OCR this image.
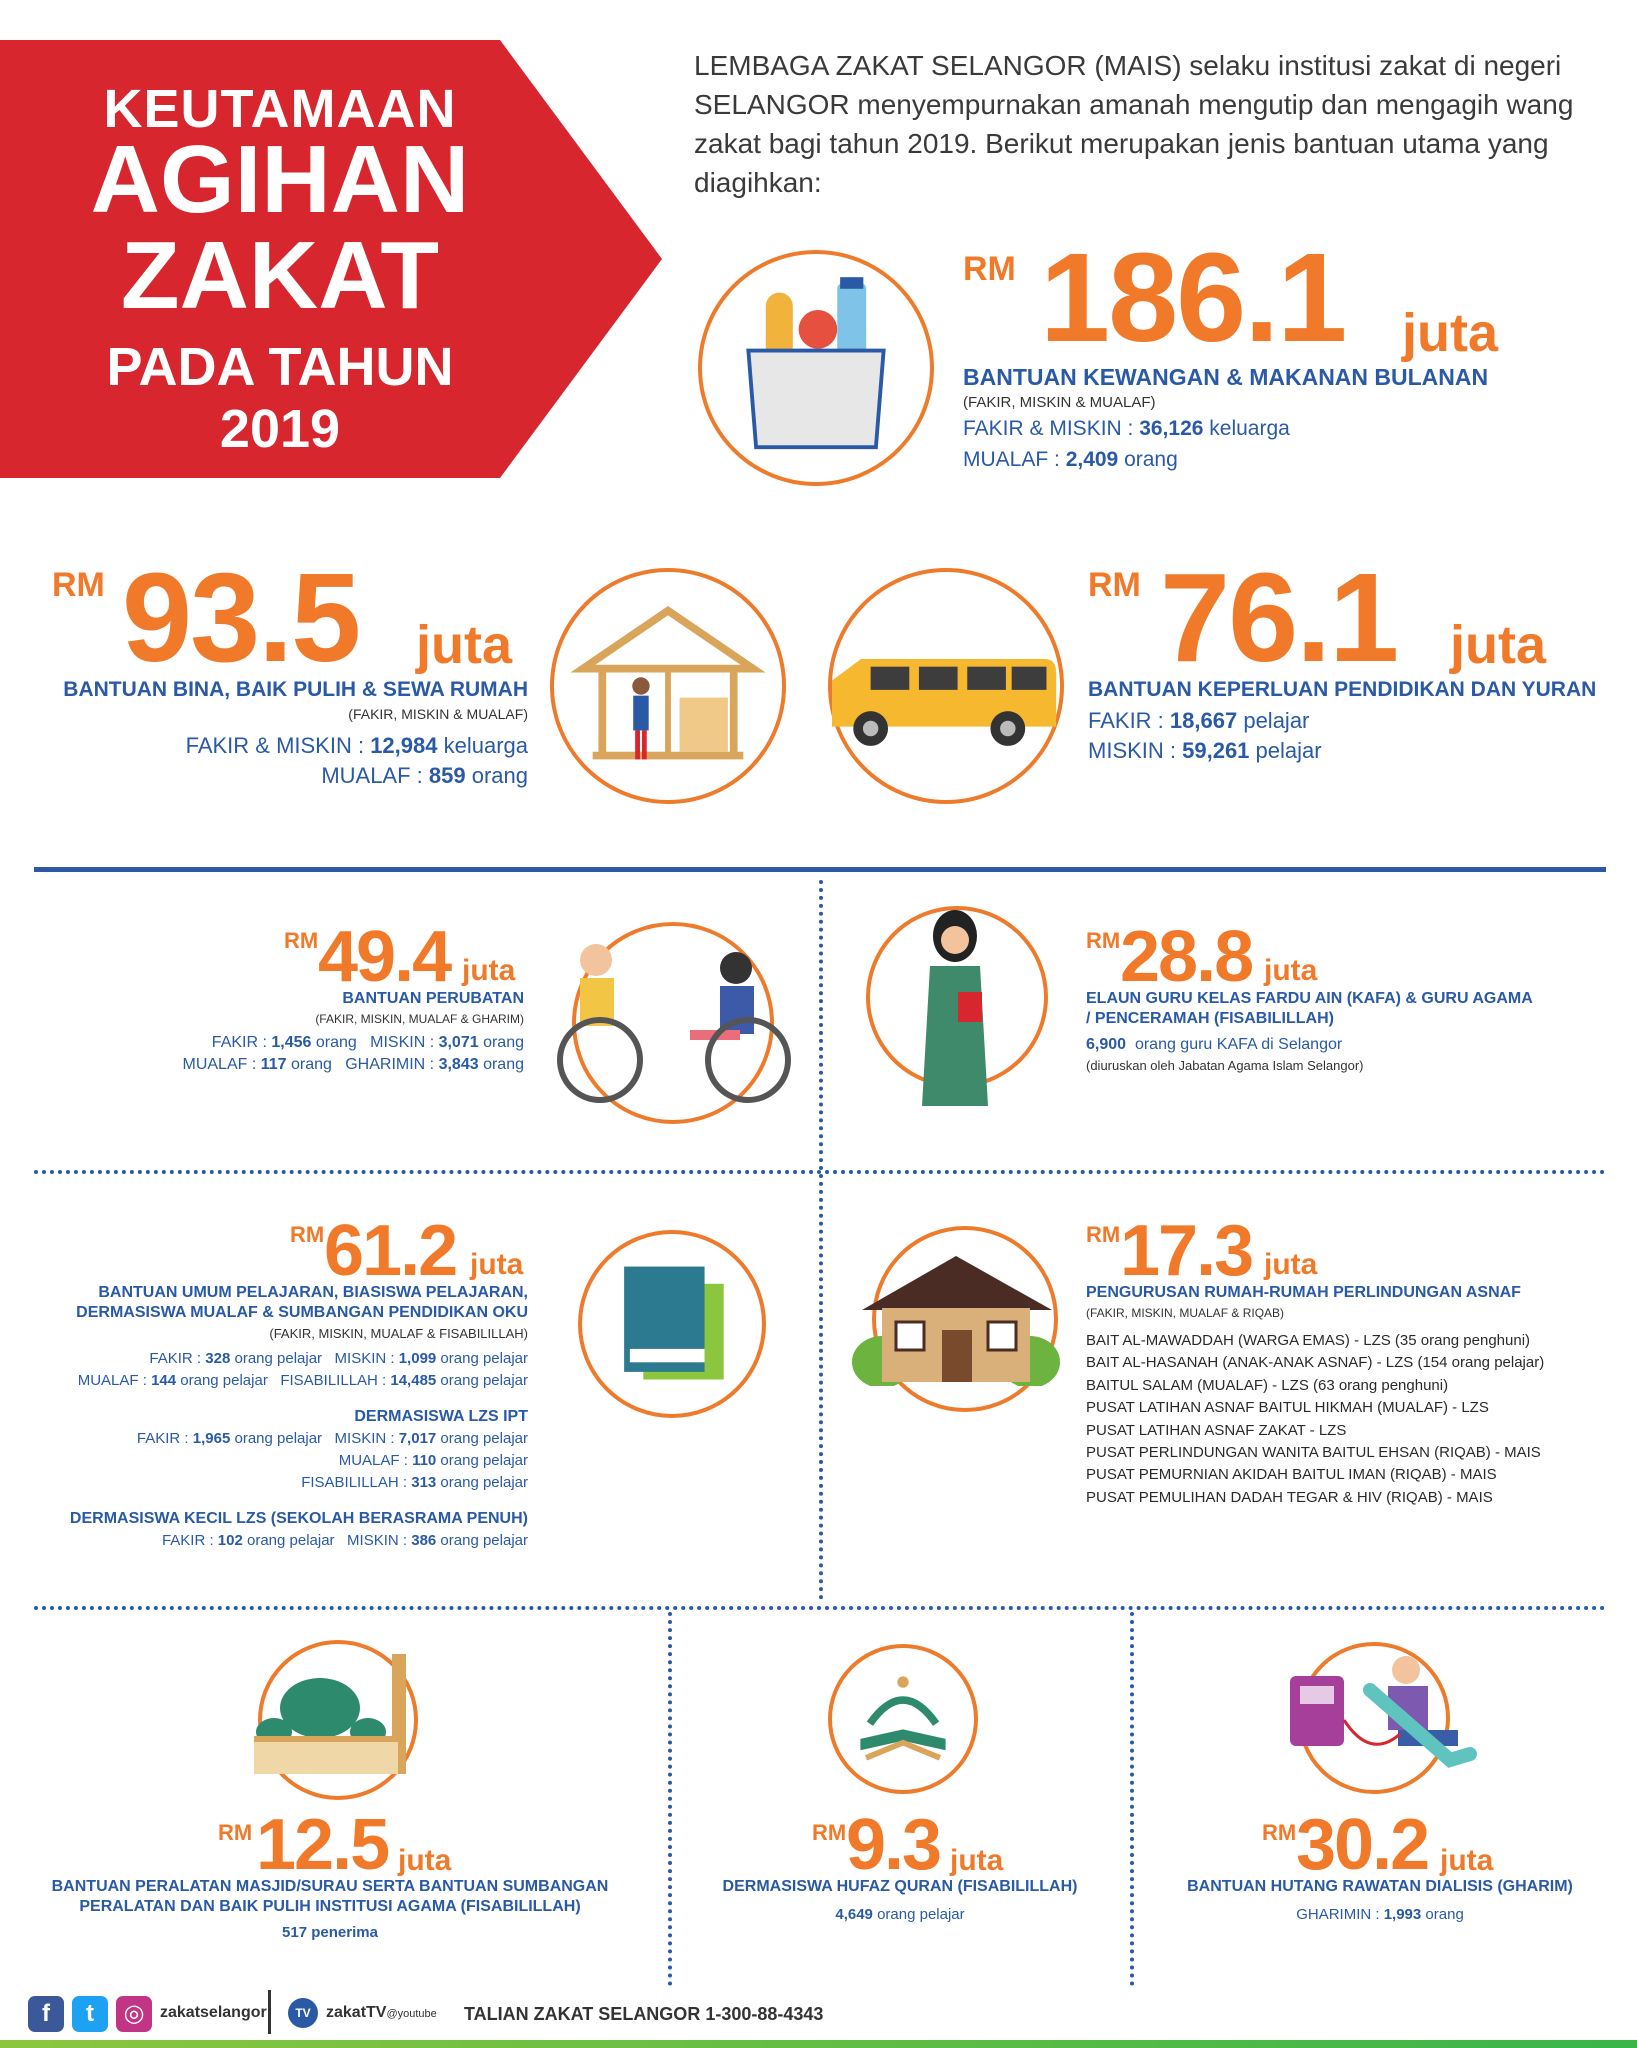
KEUTAMAAN
AGIHAN
ZAKAT
PADA TAHUN
2019
LEMBAGA ZAKAT SELANGOR (MAIS) selaku institusi zakat di negeri SELANGOR menyempurnakan amanah mengutip dan mengagih wang zakat bagi tahun 2019. Berikut merupakan jenis bantuan utama yang diagihkan:
RM 186.1 juta
BANTUAN KEWANGAN & MAKANAN BULANAN
(FAKIR, MISKIN & MUALAF)
FAKIR & MISKIN : 36,126 keluarga
MUALAF : 2,409 orang
RM 93.5 juta
BANTUAN BINA, BAIK PULIH & SEWA RUMAH
(FAKIR, MISKIN & MUALAF)
FAKIR & MISKIN : 12,984 keluarga
MUALAF : 859 orang
RM 76.1 juta
BANTUAN KEPERLUAN PENDIDIKAN DAN YURAN
FAKIR : 18,667 pelajar
MISKIN : 59,261 pelajar
RM 49.4 juta
BANTUAN PERUBATAN
(FAKIR, MISKIN, MUALAF & GHARIM)
FAKIR : 1,456 orang   MISKIN : 3,071 orang
MUALAF : 117 orang   GHARIMIN : 3,843 orang
RM 28.8 juta
ELAUN GURU KELAS FARDU AIN (KAFA) & GURU AGAMA
/ PENCERAMAH (FISABILILLAH)
6,900  orang guru KAFA di Selangor
(diuruskan oleh Jabatan Agama Islam Selangor)
RM 61.2 juta
BANTUAN UMUM PELAJARAN, BIASISWA PELAJARAN,
DERMASISWA MUALAF & SUMBANGAN PENDIDIKAN OKU
(FAKIR, MISKIN, MUALAF & FISABILILLAH)
FAKIR : 328 orang pelajar   MISKIN : 1,099 orang pelajar
MUALAF : 144 orang pelajar   FISABILILLAH : 14,485 orang pelajar
DERMASISWA LZS IPT
FAKIR : 1,965 orang pelajar   MISKIN : 7,017 orang pelajar
MUALAF : 110 orang pelajar
FISABILILLAH : 313 orang pelajar
DERMASISWA KECIL LZS (SEKOLAH BERASRAMA PENUH)
FAKIR : 102 orang pelajar   MISKIN : 386 orang pelajar
RM 17.3 juta
PENGURUSAN RUMAH-RUMAH PERLINDUNGAN ASNAF
(FAKIR, MISKIN, MUALAF & RIQAB)
BAIT AL-MAWADDAH (WARGA EMAS) - LZS (35 orang penghuni)
BAIT AL-HASANAH (ANAK-ANAK ASNAF) - LZS (154 orang pelajar)
BAITUL SALAM (MUALAF) - LZS (63 orang penghuni)
PUSAT LATIHAN ASNAF BAITUL HIKMAH (MUALAF) - LZS
PUSAT LATIHAN ASNAF ZAKAT - LZS
PUSAT PERLINDUNGAN WANITA BAITUL EHSAN (RIQAB) - MAIS
PUSAT PEMURNIAN AKIDAH BAITUL IMAN (RIQAB) - MAIS
PUSAT PEMULIHAN DADAH TEGAR & HIV (RIQAB) - MAIS
RM 12.5 juta
BANTUAN PERALATAN MASJID/SURAU SERTA BANTUAN SUMBANGAN
PERALATAN DAN BAIK PULIH INSTITUSI AGAMA (FISABILILLAH)
517 penerima
RM 9.3 juta
DERMASISWA HUFAZ QURAN (FISABILILLAH)
4,649 orang pelajar
RM 30.2 juta
BANTUAN HUTANG RAWATAN DIALISIS (GHARIM)
GHARIMIN : 1,993 orang
f	t	◎ zakatselangor	TV zakatTV@youtube TALIAN ZAKAT SELANGOR 1-300-88-4343
